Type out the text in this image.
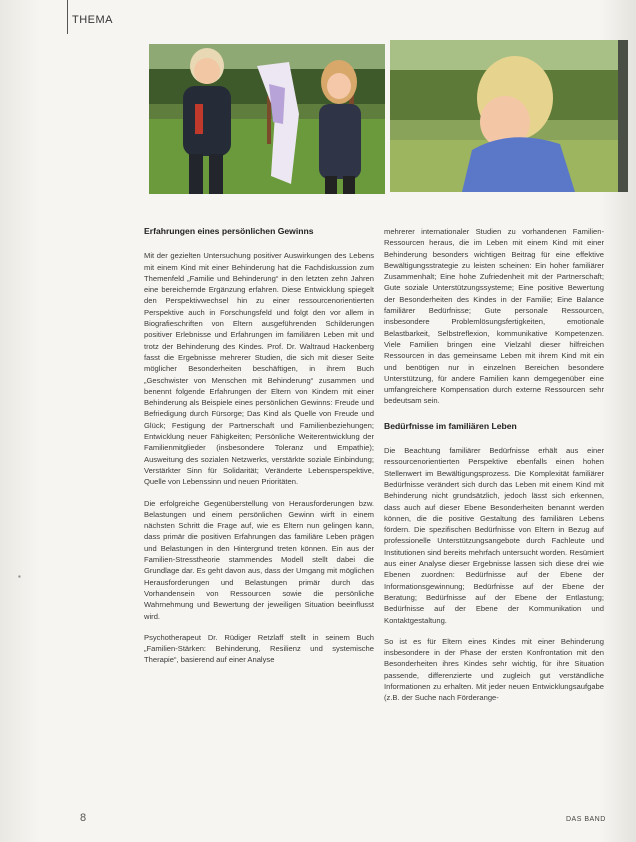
THEMA
▪
Erfahrungen eines persönlichen Gewinns

Mit der gezielten Untersuchung positiver Auswirkungen des Lebens mit einem Kind mit einer Behinderung hat die Fachdiskussion zum Themenfeld „Familie und Behinderung“ in den letzten zehn Jahren eine bereichernde Ergänzung erfahren. Diese Entwicklung spiegelt den Perspektivwechsel hin zu einer ressourcenorientierten Perspektive auch in Forschungsfeld und folgt den vor allem in Biografieschriften von Eltern ausgeführenden Schilderungen positiver Erlebnisse und Erfahrungen im familiären Leben mit und trotz der Behinderung des Kindes. Prof. Dr. Waltraud Hackenberg fasst die Ergebnisse mehrerer Studien, die sich mit dieser Seite möglicher Besonderheiten beschäftigen, in ihrem Buch „Geschwister von Menschen mit Behinderung“ zusammen und benennt folgende Erfahrungen der Eltern von Kindern mit einer Behinderung als Beispiele eines persönlichen Gewinns: Freude und Befriedigung durch Fürsorge; Das Kind als Quelle von Freude und Glück; Festigung der Partnerschaft und Familienbeziehungen; Entwicklung neuer Fähigkeiten; Persönliche Weiterentwicklung der Familienmitglieder (insbesondere Toleranz und Empathie); Ausweitung des sozialen Netzwerks, verstärkte soziale Einbindung; Verstärkter Sinn für Solidarität; Veränderte Lebensperspektive, Quelle von Lebenssinn und neuen Prioritäten.

Die erfolgreiche Gegenüberstellung von Herausforderungen bzw. Belastungen und einem persönlichen Gewinn wirft in einem nächsten Schritt die Frage auf, wie es Eltern nun gelingen kann, dass primär die positiven Erfahrungen das familiäre Leben prägen und Belastungen in den Hintergrund treten können. Ein aus der Familien-Stresstheorie stammendes Modell stellt dabei die Grundlage dar. Es geht davon aus, dass der Umgang mit möglichen Herausforderungen und Belastungen primär durch das Vorhandensein von Ressourcen sowie die persönliche Wahrnehmung und Bewertung der jeweiligen Situation beeinflusst wird.

Psychotherapeut Dr. Rüdiger Retzlaff stellt in seinem Buch „Familien-Stärken: Behinderung, Resilienz und systemische Therapie“, basierend auf einer Analyse

mehrerer internationaler Studien zu vorhandenen Familien-Ressourcen heraus, die im Leben mit einem Kind mit einer Behinderung besonders wichtigen Beitrag für eine effektive Bewältigungsstrategie zu leisten scheinen: Ein hoher familiärer Zusammenhalt; Eine hohe Zufriedenheit mit der Partnerschaft; Gute soziale Unterstützungssysteme; Eine positive Bewertung der Besonderheiten des Kindes in der Familie; Eine Balance familiärer Bedürfnisse; Gute personale Ressourcen, insbesondere Problemlösungsfertigkeiten, emotionale Belastbarkeit, Selbstreflexion, kommunikative Kompetenzen. Viele Familien bringen eine Vielzahl dieser hilfreichen Ressourcen in das gemeinsame Leben mit ihrem Kind mit ein und benötigen nur in einzelnen Bereichen besondere Unterstützung, für andere Familien kann demgegenüber eine umfangreichere Kompensation durch externe Ressourcen sehr bedeutsam sein.

Bedürfnisse im familiären Leben

Die Beachtung familiärer Bedürfnisse erhält aus einer ressourcenorientierten Perspektive ebenfalls einen hohen Stellenwert im Bewältigungsprozess. Die Komplexität familiärer Bedürfnisse verändert sich durch das Leben mit einem Kind mit Behinderung nicht grundsätzlich, jedoch lässt sich erkennen, dass auch auf dieser Ebene Besonderheiten benannt werden können, die die positive Gestaltung des familiären Lebens fördern. Die spezifischen Bedürfnisse von Eltern in Bezug auf professionelle Unterstützungsangebote durch Fachleute und Institutionen sind bereits mehrfach untersucht worden. Resümiert aus einer Analyse dieser Ergebnisse lassen sich diese drei wie Ebenen zuordnen: Bedürfnisse auf der Ebene der Informationsgewinnung; Bedürfnisse auf der Ebene der Beratung; Bedürfnisse auf der Ebene der Entlastung; Bedürfnisse auf der Ebene der Kommunikation und Kontaktgestaltung.

So ist es für Eltern eines Kindes mit einer Behinderung insbesondere in der Phase der ersten Konfrontation mit den Besonderheiten ihres Kindes sehr wichtig, für ihre Situation passende, differenzierte und zugleich gut verständliche Informationen zu erhalten. Mit jeder neuen Entwicklungsaufgabe (z.B. der Suche nach Förderange-

8	DAS BAND
